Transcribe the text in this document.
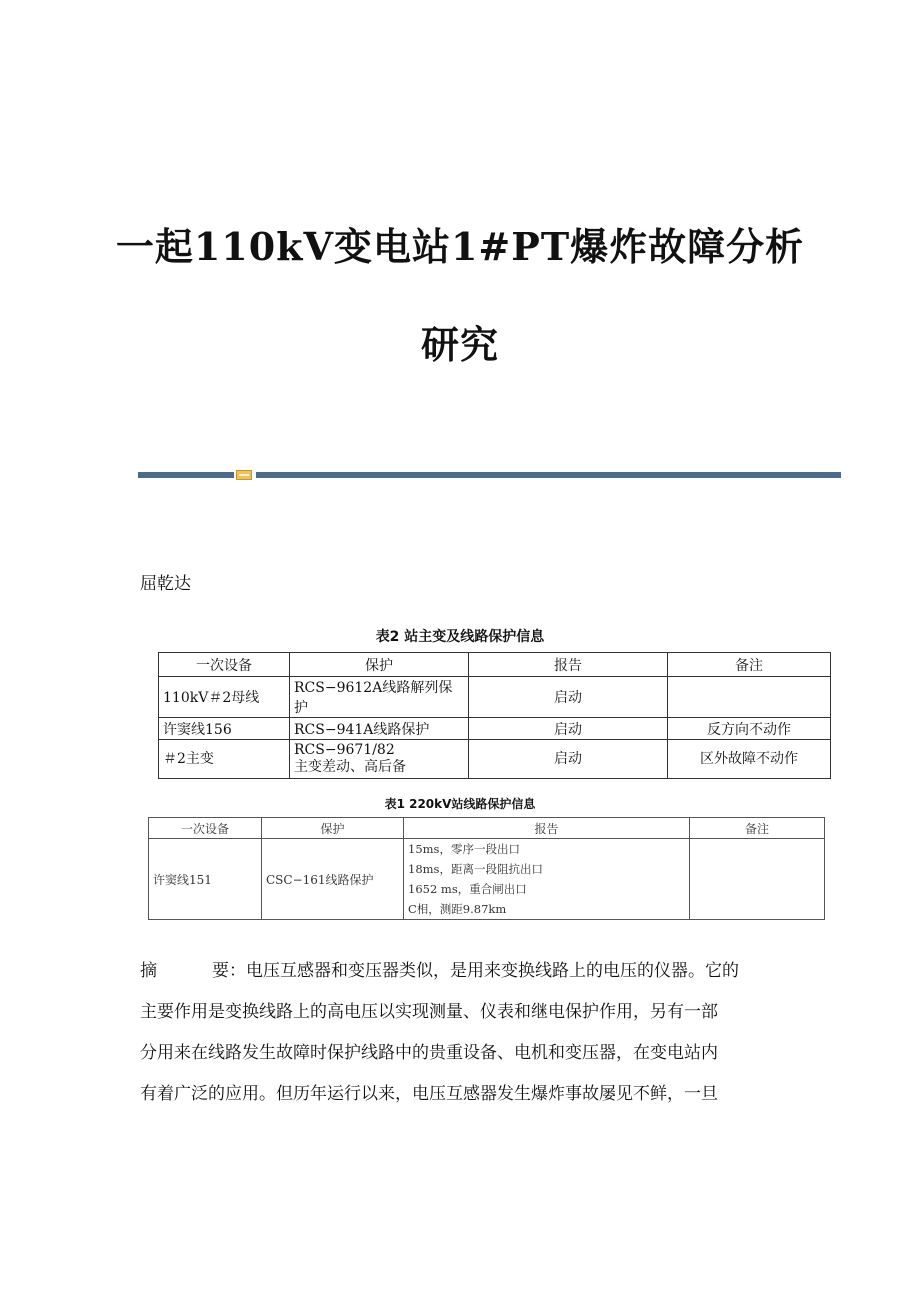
一起110kV变电站1#PT爆炸故障分析
研究
屈乾达
表2 站主变及线路保护信息
一次设备	保护	报告	备注
110kV＃2母线	RCS−9612A线路解列保护	启动	
许窦线156	RCS−941A线路保护	启动	反方向不动作
＃2主变	RCS−9671/82
主变差动、高后备	启动	区外故障不动作
表1 220kV站线路保护信息
一次设备	保护	报告	备注
许窦线151	CSC−161线路保护	15ms，零序一段出口
18ms，距离一段阻抗出口
1652 ms，重合闸出口
C相，测距9.87km	

摘	要： 电压互感器和变压器类似，是用来变换线路上的电压的仪器。它的
主要作用是变换线路上的高电压以实现测量、仪表和继电保护作用，另有一部
分用来在线路发生故障时保护线路中的贵重设备、电机和变压器，在变电站内
有着广泛的应用。但历年运行以来，电压互感器发生爆炸事故屡见不鲜，一旦
